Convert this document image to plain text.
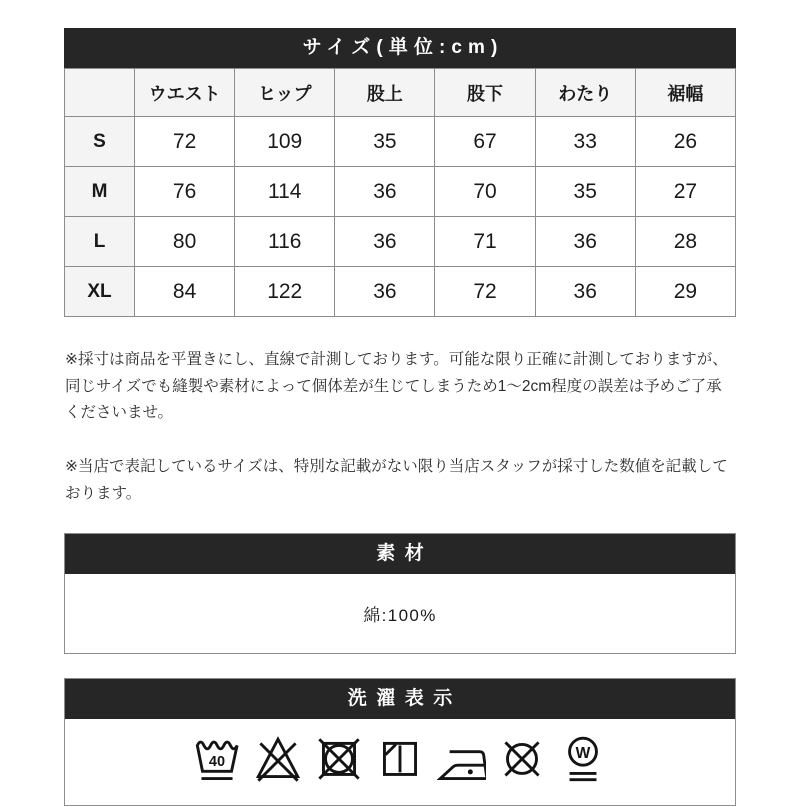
サイズ(単位:cm)
	ウエスト	ヒップ	股上	股下	わたり	裾幅
S	72	109	35	67	33	26
M	76	114	36	70	35	27
L	80	116	36	71	36	28
XL	84	122	36	72	36	29

※採寸は商品を平置きにし、直線で計測しております。可能な限り正確に計測しておりますが、同じサイズでも縫製や素材によって個体差が生じてしまうため1〜2cm程度の誤差は予めご了承くださいませ。

※当店で表記しているサイズは、特別な記載がない限り当店スタッフが採寸した数値を記載しております。

素材
綿:100%
洗濯表示
40
W
